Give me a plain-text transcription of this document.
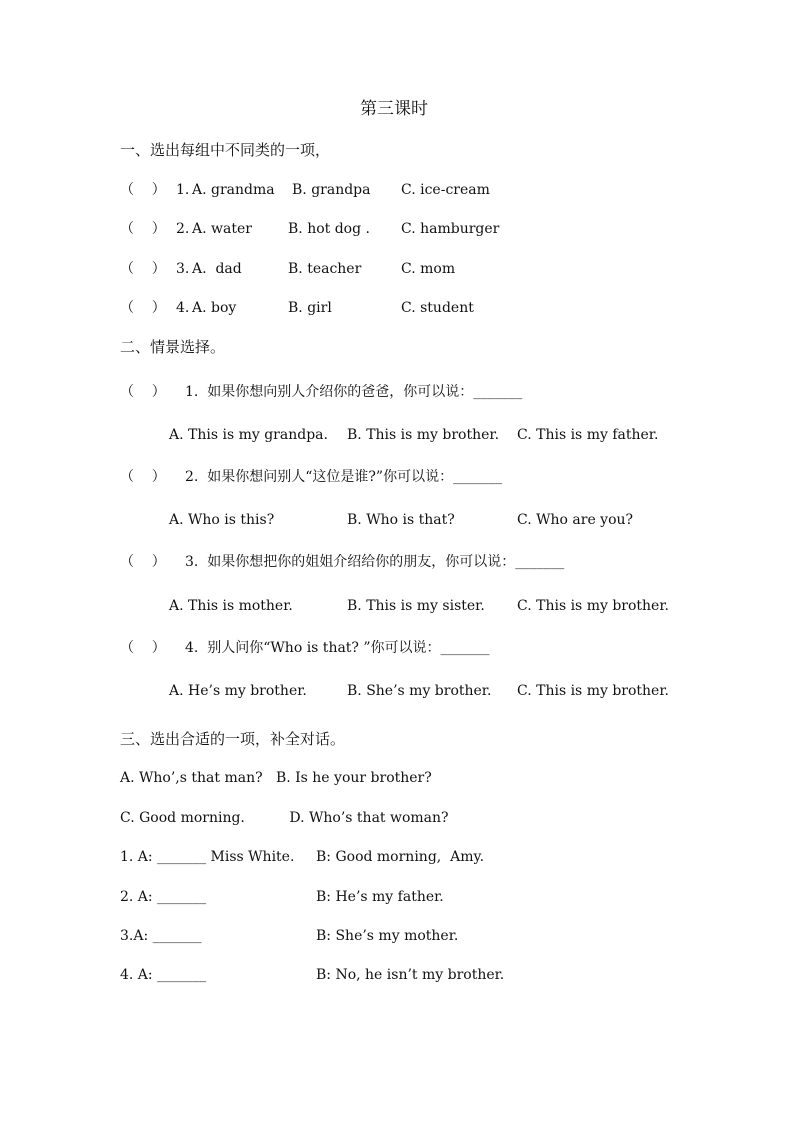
第三课时
一、选出每组中不同类的一项，
（    ） 1. A. grandma B. grandpa C. ice-cream
（    ） 2. A. water	B. hot dog . C. hamburger
（    ） 3. A.  dad	B. teacher	C. mom
（    ） 4. A. boy	B. girl	C. student
二、情景选择。
（    ） 1.  如果你想向别人介绍你的爸爸，你可以说：_______
A. This is my grandpa. B. This is my brother. C. This is my father.
（    ） 2.  如果你想问别人“这位是谁?”你可以说：_______
A. Who is this?	B. Who is that?	C. Who are you?
（    ） 3.  如果你想把你的姐姐介绍给你的朋友，你可以说：_______
A. This is mother.	B. This is my sister. C. This is my brother.
（    ） 4.  别人问你“Who is that? ”你可以说：_______
A. He’s my brother.	B. She’s my brother. C. This is my brother.
三、选出合适的一项，补全对话。
A. Who’,s that man?   B. Is he your brother?
C. Good morning.          D. Who’s that woman?
1. A: _______ Miss White. B: Good morning,  Amy.
2. A: _______	B: He’s my father.
3.A: _______	B: She’s my mother.
4. A: _______	B: No, he isn’t my brother.
